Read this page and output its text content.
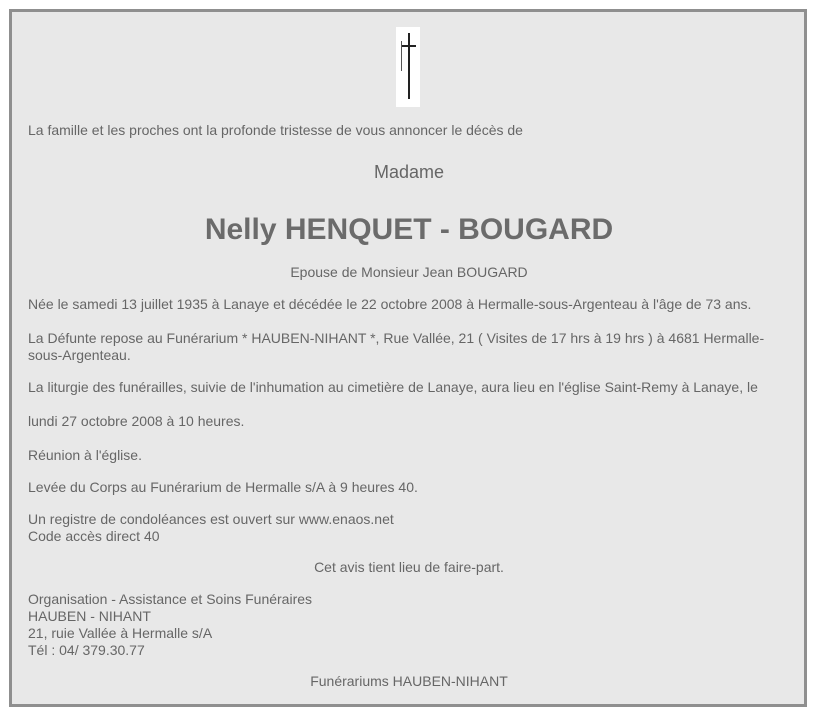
La famille et les proches ont la profonde tristesse de vous annoncer le décès de

Madame

Nelly HENQUET - BOUGARD

Epouse de Monsieur Jean BOUGARD

Née le samedi 13 juillet 1935 à Lanaye et décédée le 22 octobre 2008 à Hermalle-sous-Argenteau à l'âge de 73 ans.

La Défunte repose au Funérarium * HAUBEN-NIHANT *, Rue Vallée, 21 ( Visites de 17 hrs à 19 hrs ) à 4681 Hermalle-

sous-Argenteau.

La liturgie des funérailles, suivie de l'inhumation au cimetière de Lanaye, aura lieu en l'église Saint-Remy à Lanaye, le

lundi 27 octobre 2008 à 10 heures.

Réunion à l'église.

Levée du Corps au Funérarium de Hermalle s/A à 9 heures 40.

Un registre de condoléances est ouvert sur www.enaos.net

Code accès direct 40

Cet avis tient lieu de faire-part.

Organisation - Assistance et Soins Funéraires

HAUBEN - NIHANT

21, ruie Vallée à Hermalle s/A

Tél : 04/ 379.30.77

Funérariums HAUBEN-NIHANT
